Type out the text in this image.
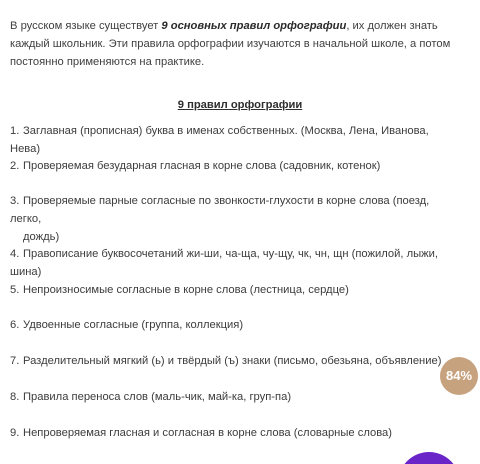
В русском языке существует 9 основных правил орфографии, их должен знать каждый школьник. Эти правила орфографии изучаются в начальной школе, а потом постоянно применяются на практике.
9 правил орфографии
1. Заглавная (прописная) буква в именах собственных. (Москва, Лена, Иванова, Нева)
2. Проверяемая безударная гласная в корне слова (садовник, котенок)
3. Проверяемые парные согласные по звонкости-глухости в корне слова (поезд, легко,
дождь)
4. Правописание буквосочетаний жи-ши, ча-ща, чу-щу, чк, чн, щн (пожилой, лыжи, шина)
5. Непроизносимые согласные в корне слова (лестница, сердце)
6. Удвоенные согласные (группа, коллекция)
7. Разделительный мягкий (ь) и твёрдый (ъ) знаки (письмо, обезьяна, объявление)
8. Правила переноса слов (маль-чик, май-ка, груп-па)
9. Непроверяемая гласная и согласная в корне слова (словарные слова)
84%
